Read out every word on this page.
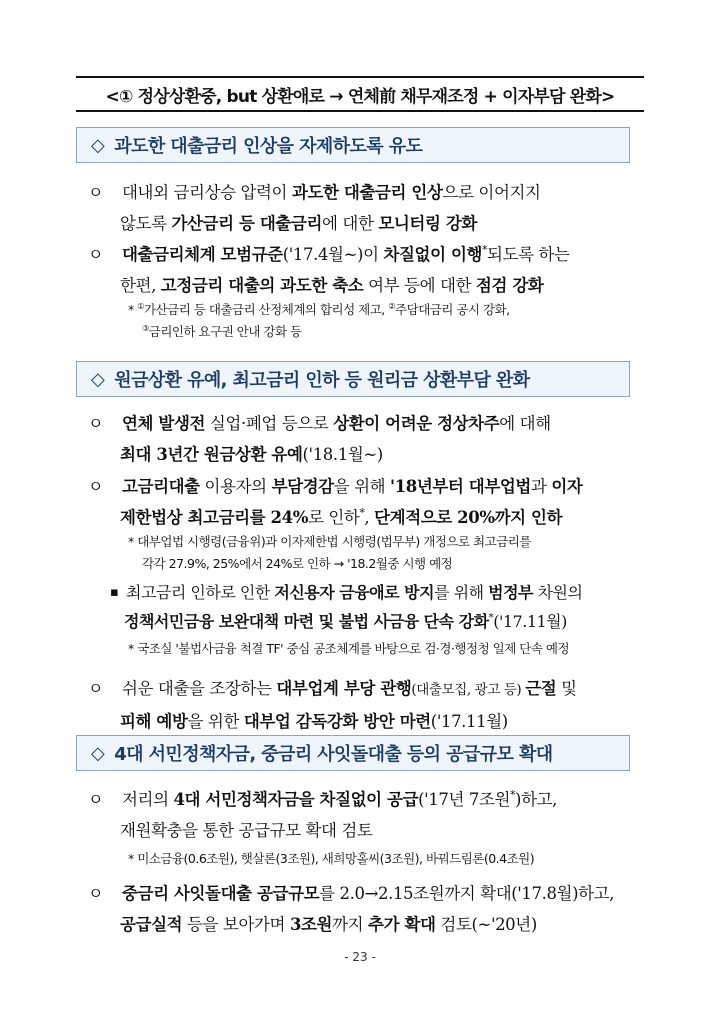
<① 정상상환중, but 상환애로 → 연체前 채무재조정 + 이자부담 완화>
◇ 과도한 대출금리 인상을 자제하도록 유도
ㅇ	대내외 금리상승 압력이 과도한 대출금리 인상으로 이어지지
않도록 가산금리 등 대출금리에 대한 모니터링 강화
ㅇ	대출금리체계 모범규준('17.4월~)이 차질없이 이행*되도록 하는
한편, 고정금리 대출의 과도한 축소 여부 등에 대한 점검 강화
* ①가산금리 등 대출금리 산정체계의 합리성 제고, ②주담대금리 공시 강화,
③금리인하 요구권 안내 강화 등
◇ 원금상환 유예, 최고금리 인하 등 원리금 상환부담 완화
ㅇ	연체 발생전 실업·폐업 등으로 상환이 어려운 정상차주에 대해
최대 3년간 원금상환 유예('18.1월~)
ㅇ	고금리대출 이용자의 부담경감을 위해 '18년부터 대부업법과 이자
제한법상 최고금리를 24%로 인하*, 단계적으로 20%까지 인하
* 대부업법 시행령(금융위)과 이자제한법 시행령(법무부) 개정으로 최고금리를
각각 27.9%, 25%에서 24%로 인하 → '18.2월중 시행 예정
▪ 최고금리 인하로 인한 저신용자 금융애로 방지를 위해 범정부 차원의
정책서민금융 보완대책 마련 및 불법 사금융 단속 강화*('17.11월)
* 국조실 '불법사금융 척결 TF' 중심 공조체계를 바탕으로 검·경·행정청 일제 단속 예정
ㅇ	쉬운 대출을 조장하는 대부업계 부당 관행(대출모집, 광고 등) 근절 및
피해 예방을 위한 대부업 감독강화 방안 마련('17.11월)
◇ 4대 서민정책자금, 중금리 사잇돌대출 등의 공급규모 확대
ㅇ	저리의 4대 서민정책자금을 차질없이 공급('17년 7조원*)하고,
재원확충을 통한 공급규모 확대 검토
* 미소금융(0.6조원), 햇살론(3조원), 새희망홀씨(3조원), 바꿔드림론(0.4조원)
ㅇ	중금리 사잇돌대출 공급규모를 2.0→2.15조원까지 확대('17.8월)하고,
공급실적 등을 보아가며 3조원까지 추가 확대 검토(~'20년)
- 23 -
